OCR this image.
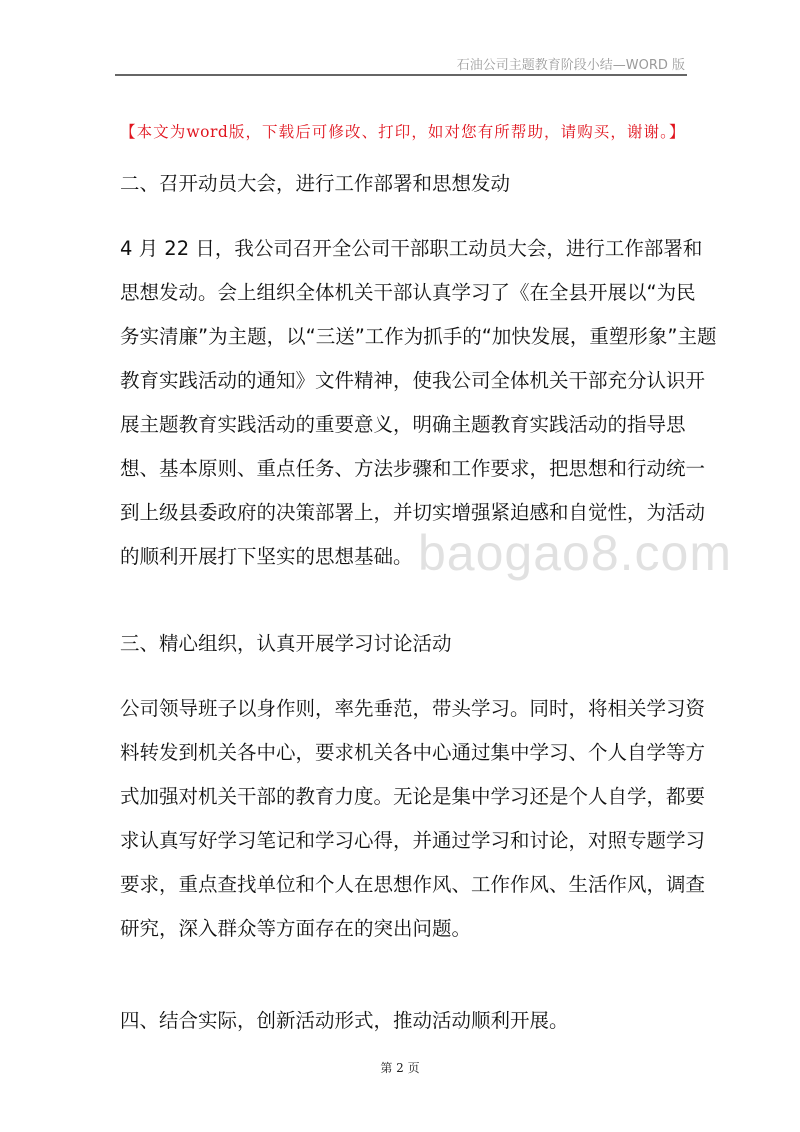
石油公司主题教育阶段小结—WORD 版
【本文为word版，下载后可修改、打印，如对您有所帮助，请购买，谢谢。】
二、召开动员大会，进行工作部署和思想发动
4 月 22 日，我公司召开全公司干部职工动员大会，进行工作部署和
思想发动。会上组织全体机关干部认真学习了《在全县开展以“为民
务实清廉”为主题，以“三送”工作为抓手的“加快发展，重塑形象”主题
教育实践活动的通知》文件精神，使我公司全体机关干部充分认识开
展主题教育实践活动的重要意义，明确主题教育实践活动的指导思
想、基本原则、重点任务、方法步骤和工作要求，把思想和行动统一
到上级县委政府的决策部署上，并切实增强紧迫感和自觉性，为活动
的顺利开展打下坚实的思想基础。 baogao8.com
三、精心组织，认真开展学习讨论活动
公司领导班子以身作则，率先垂范，带头学习。同时，将相关学习资
料转发到机关各中心，要求机关各中心通过集中学习、个人自学等方
式加强对机关干部的教育力度。无论是集中学习还是个人自学，都要
求认真写好学习笔记和学习心得，并通过学习和讨论，对照专题学习
要求，重点查找单位和个人在思想作风、工作作风、生活作风，调查
研究，深入群众等方面存在的突出问题。
四、结合实际，创新活动形式，推动活动顺利开展。
第 2 页
